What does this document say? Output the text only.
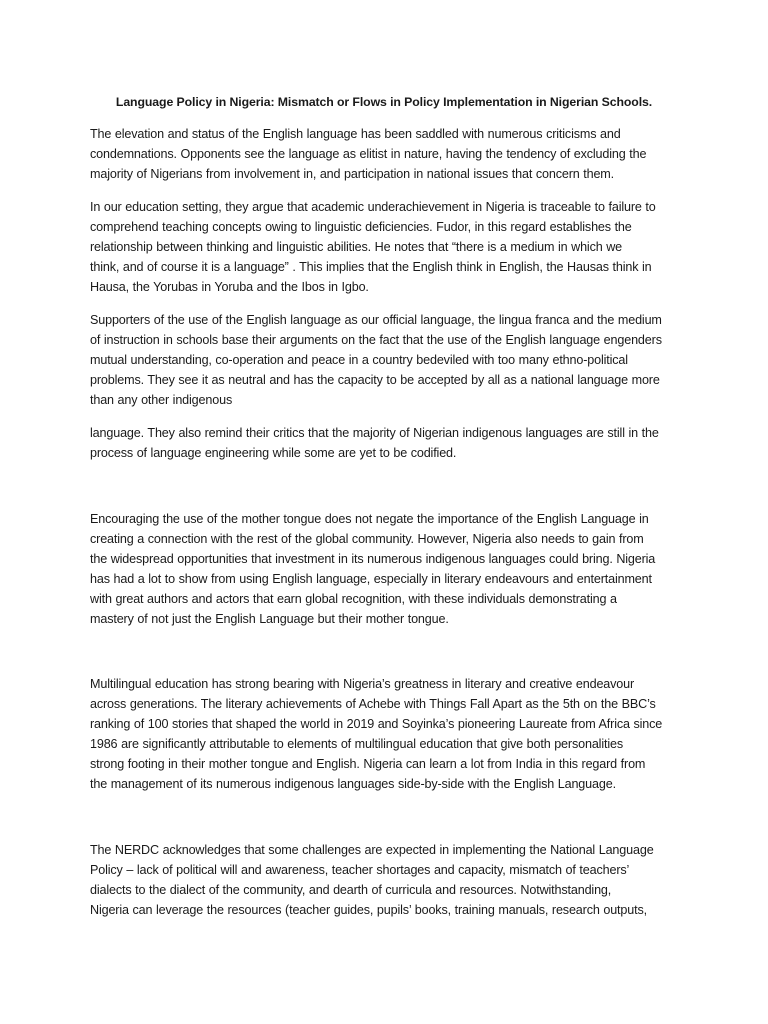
Language Policy in Nigeria: Mismatch or Flows in Policy Implementation in Nigerian Schools.
The elevation and status of the English language has been saddled with numerous criticisms and
condemnations. Opponents see the language as elitist in nature, having the tendency of excluding the
majority of Nigerians from involvement in, and participation in national issues that concern them.
In our education setting, they argue that academic underachievement in Nigeria is traceable to failure to
comprehend teaching concepts owing to linguistic deficiencies. Fudor, in this regard establishes the
relationship between thinking and linguistic abilities. He notes that “there is a medium in which we
think, and of course it is a language” . This implies that the English think in English, the Hausas think in
Hausa, the Yorubas in Yoruba and the Ibos in Igbo.
Supporters of the use of the English language as our official language, the lingua franca and the medium
of instruction in schools base their arguments on the fact that the use of the English language engenders
mutual understanding, co-operation and peace in a country bedeviled with too many ethno-political
problems. They see it as neutral and has the capacity to be accepted by all as a national language more
than any other indigenous
language. They also remind their critics that the majority of Nigerian indigenous languages are still in the
process of language engineering while some are yet to be codified.
Encouraging the use of the mother tongue does not negate the importance of the English Language in
creating a connection with the rest of the global community. However, Nigeria also needs to gain from
the widespread opportunities that investment in its numerous indigenous languages could bring. Nigeria
has had a lot to show from using English language, especially in literary endeavours and entertainment
with great authors and actors that earn global recognition, with these individuals demonstrating a
mastery of not just the English Language but their mother tongue.
Multilingual education has strong bearing with Nigeria’s greatness in literary and creative endeavour
across generations. The literary achievements of Achebe with Things Fall Apart as the 5th on the BBC’s
ranking of 100 stories that shaped the world in 2019 and Soyinka’s pioneering Laureate from Africa since
1986 are significantly attributable to elements of multilingual education that give both personalities
strong footing in their mother tongue and English. Nigeria can learn a lot from India in this regard from
the management of its numerous indigenous languages side-by-side with the English Language.
The NERDC acknowledges that some challenges are expected in implementing the National Language
Policy – lack of political will and awareness, teacher shortages and capacity, mismatch of teachers’
dialects to the dialect of the community, and dearth of curricula and resources. Notwithstanding,
Nigeria can leverage the resources (teacher guides, pupils’ books, training manuals, research outputs,
